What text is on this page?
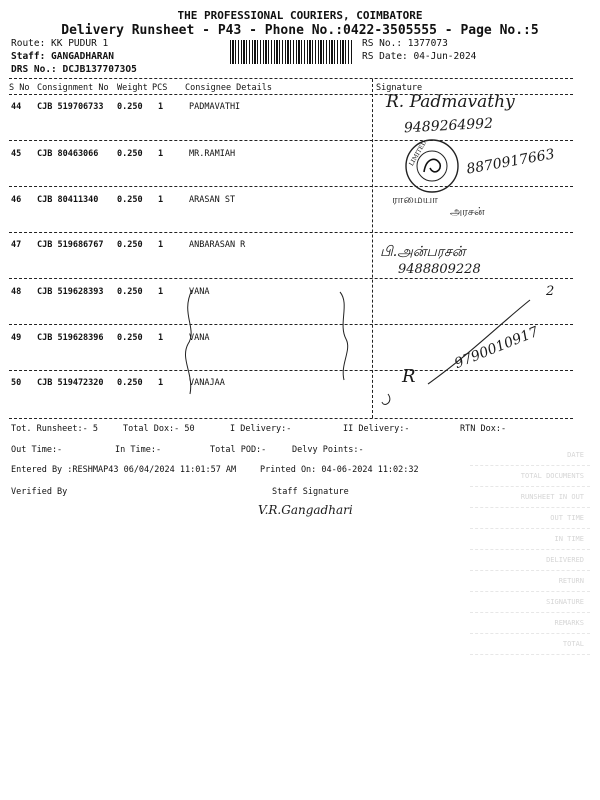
THE PROFESSIONAL COURIERS, COIMBATORE
Delivery Runsheet - P43 - Phone No.:0422-3505555 - Page No.:5
Route: KK PUDUR 1
Staff: GANGADHARAN
DRS No.: DCJB1377073O5
RS No.: 1377073
RS Date: 04-Jun-2024
S No Consignment No Weight PCS Consignee Details	Signature
44 CJB 519706733 0.250 1	PADMAVATHI
45 CJB 80463066 0.250 1	MR.RAMIAH
46 CJB 80411340 0.250 1	ARASAN ST
47 CJB 519686767 0.250 1	ANBARASAN R
48 CJB 519628393 0.250 1	VANA
49 CJB 519628396 0.250 1	VANA
50 CJB 519472320 0.250 1	VANAJAA
R. Padmavathy
9489264992
8870917663
LIMITED
ராமையா
அரசன்
பி.அன்பரசன்
9488809228
2
9790010917
R
Tot. Runsheet:- 5	Total Dox:- 50	I Delivery:-	II Delivery:-	RTN Dox:-
Out Time:-	In Time:-	Total POD:-	Delvy Points:-
Entered By :RESHMAP43 06/04/2024 11:01:57 AM	Printed On: 04-06-2024 11:02:32
Verified By	Staff Signature
V.R.Gangadhari
DATE
TOTAL DOCUMENTS
RUNSHEET IN OUT
OUT TIME
IN TIME
DELIVERED
RETURN
SIGNATURE
REMARKS
TOTAL
